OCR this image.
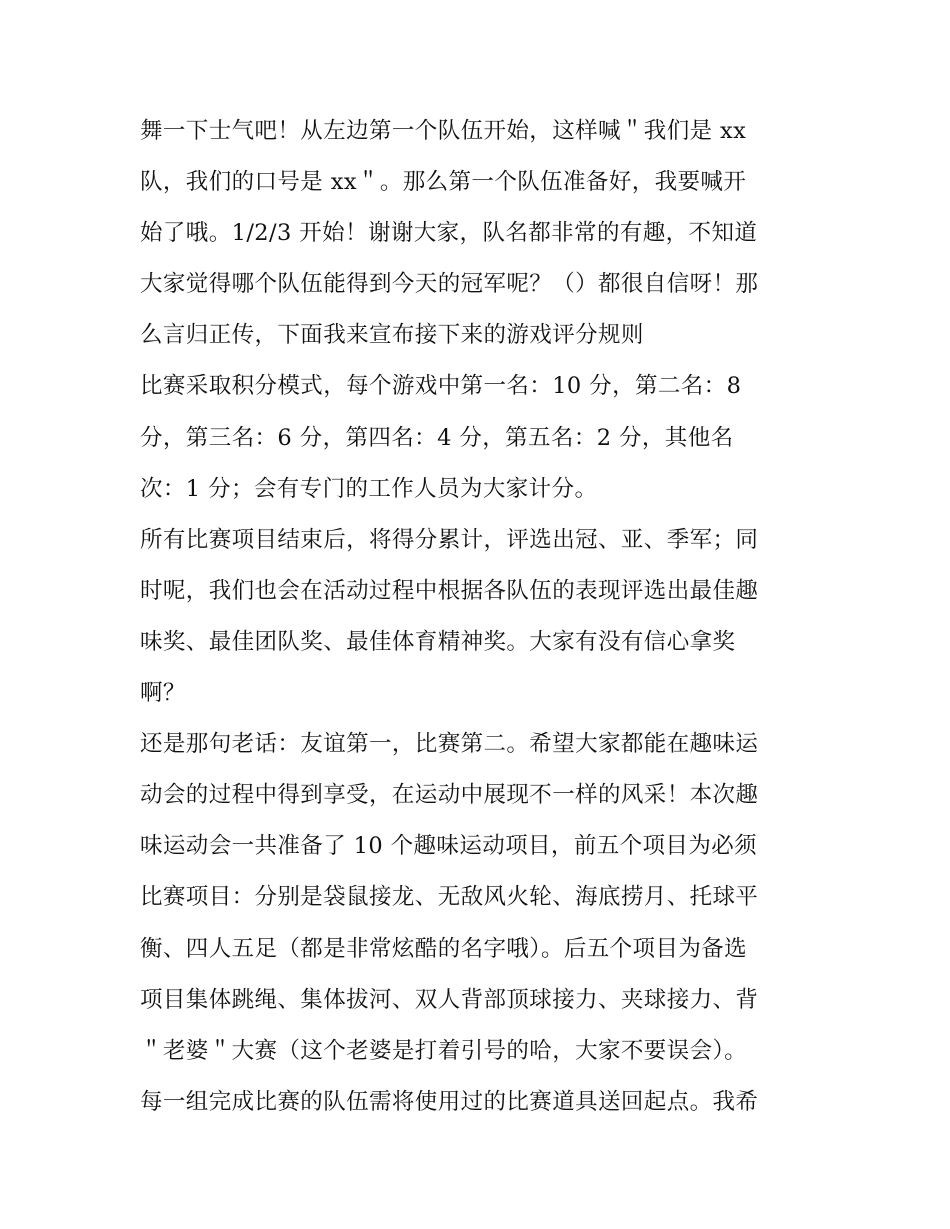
舞一下士气吧！从左边第一个队伍开始，这样喊＂我们是 xx
队，我们的口号是 xx＂。那么第一个队伍准备好，我要喊开
始了哦。1/2/3 开始！谢谢大家，队名都非常的有趣，不知道
大家觉得哪个队伍能得到今天的冠军呢？（）都很自信呀！那
么言归正传，下面我来宣布接下来的游戏评分规则
比赛采取积分模式，每个游戏中第一名：10 分，第二名：8
分，第三名：6 分，第四名：4 分，第五名：2 分，其他名
次：1 分；会有专门的工作人员为大家计分。
所有比赛项目结束后，将得分累计，评选出冠、亚、季军；同
时呢，我们也会在活动过程中根据各队伍的表现评选出最佳趣
味奖、最佳团队奖、最佳体育精神奖。大家有没有信心拿奖
啊？
还是那句老话：友谊第一，比赛第二。希望大家都能在趣味运
动会的过程中得到享受，在运动中展现不一样的风采！本次趣
味运动会一共准备了 10 个趣味运动项目，前五个项目为必须
比赛项目：分别是袋鼠接龙、无敌风火轮、海底捞月、托球平
衡、四人五足（都是非常炫酷的名字哦）。后五个项目为备选
项目集体跳绳、集体拔河、双人背部顶球接力、夹球接力、背
＂老婆＂大赛（这个老婆是打着引号的哈，大家不要误会）。
每一组完成比赛的队伍需将使用过的比赛道具送回起点。我希
